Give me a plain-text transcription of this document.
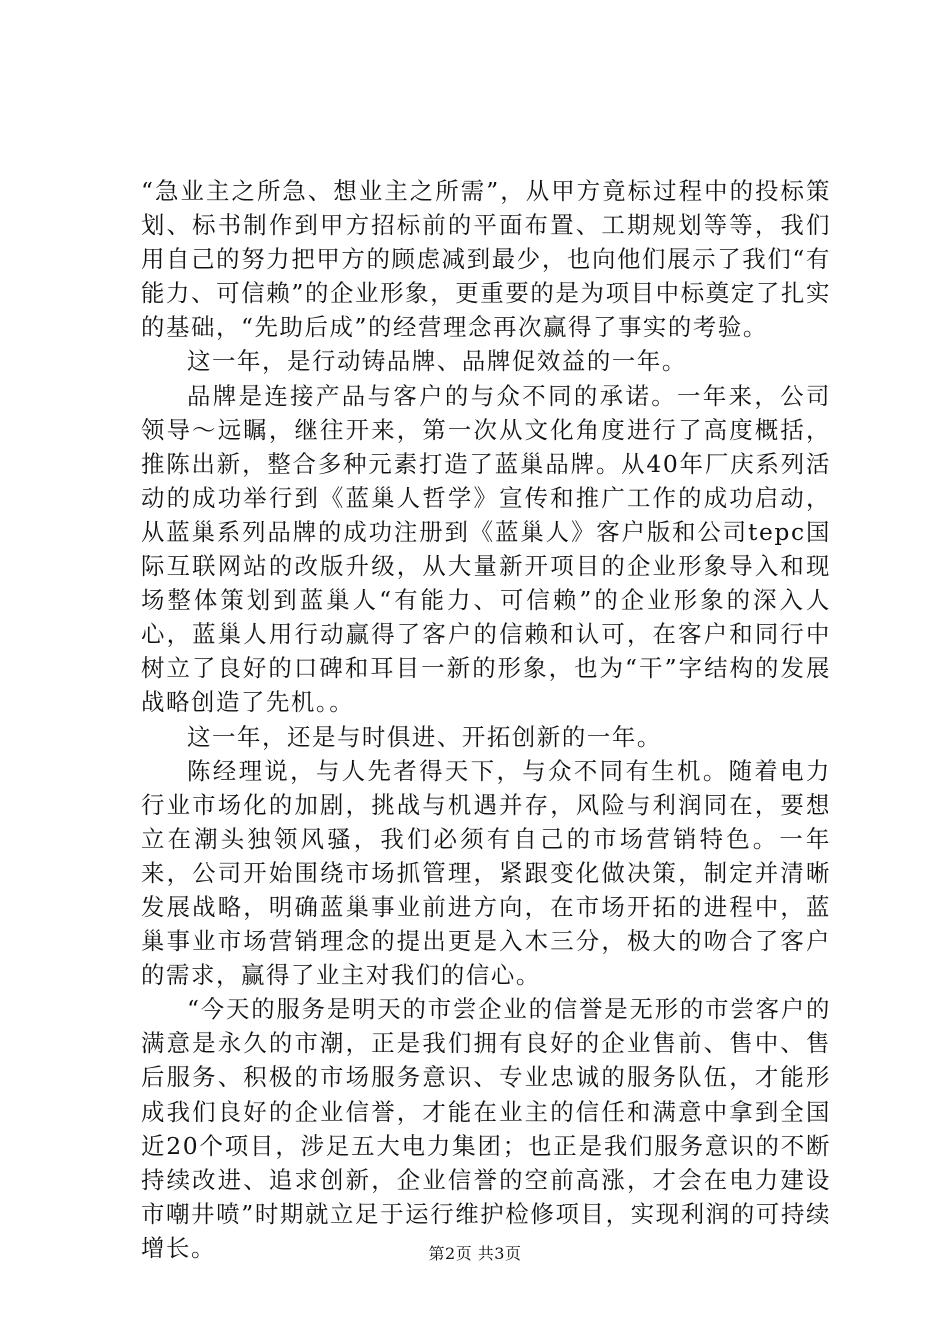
“急业主之所急、想业主之所需”，从甲方竟标过程中的投标策划、标书制作到甲方招标前的平面布置、工期规划等等，我们用自己的努力把甲方的顾虑减到最少，也向他们展示了我们“有能力、可信赖”的企业形象，更重要的是为项目中标奠定了扎实的基础，“先助后成”的经营理念再次赢得了事实的考验。

这一年，是行动铸品牌、品牌促效益的一年。

品牌是连接产品与客户的与众不同的承诺。一年来，公司领导～远瞩，继往开来，第一次从文化角度进行了高度概括，推陈出新，整合多种元素打造了蓝巢品牌。从40年厂庆系列活动的成功举行到《蓝巢人哲学》宣传和推广工作的成功启动，从蓝巢系列品牌的成功注册到《蓝巢人》客户版和公司tepc国际互联网站的改版升级，从大量新开项目的企业形象导入和现场整体策划到蓝巢人“有能力、可信赖”的企业形象的深入人心，蓝巢人用行动赢得了客户的信赖和认可，在客户和同行中树立了良好的口碑和耳目一新的形象，也为“干”字结构的发展战略创造了先机。。

这一年，还是与时俱进、开拓创新的一年。

陈经理说，与人先者得天下，与众不同有生机。随着电力行业市场化的加剧，挑战与机遇并存，风险与利润同在，要想立在潮头独领风骚，我们必须有自己的市场营销特色。一年来，公司开始围绕市场抓管理，紧跟变化做决策，制定并清晰发展战略，明确蓝巢事业前进方向，在市场开拓的进程中，蓝巢事业市场营销理念的提出更是入木三分，极大的吻合了客户的需求，赢得了业主对我们的信心。

“今天的服务是明天的市尝企业的信誉是无形的市尝客户的满意是永久的市潮，正是我们拥有良好的企业售前、售中、售后服务、积极的市场服务意识、专业忠诚的服务队伍，才能形成我们良好的企业信誉，才能在业主的信任和满意中拿到全国近20个项目，涉足五大电力集团；也正是我们服务意识的不断持续改进、追求创新，企业信誉的空前高涨，才会在电力建设市嘲井喷”时期就立足于运行维护检修项目，实现利润的可持续增长。	第2页 共3页
